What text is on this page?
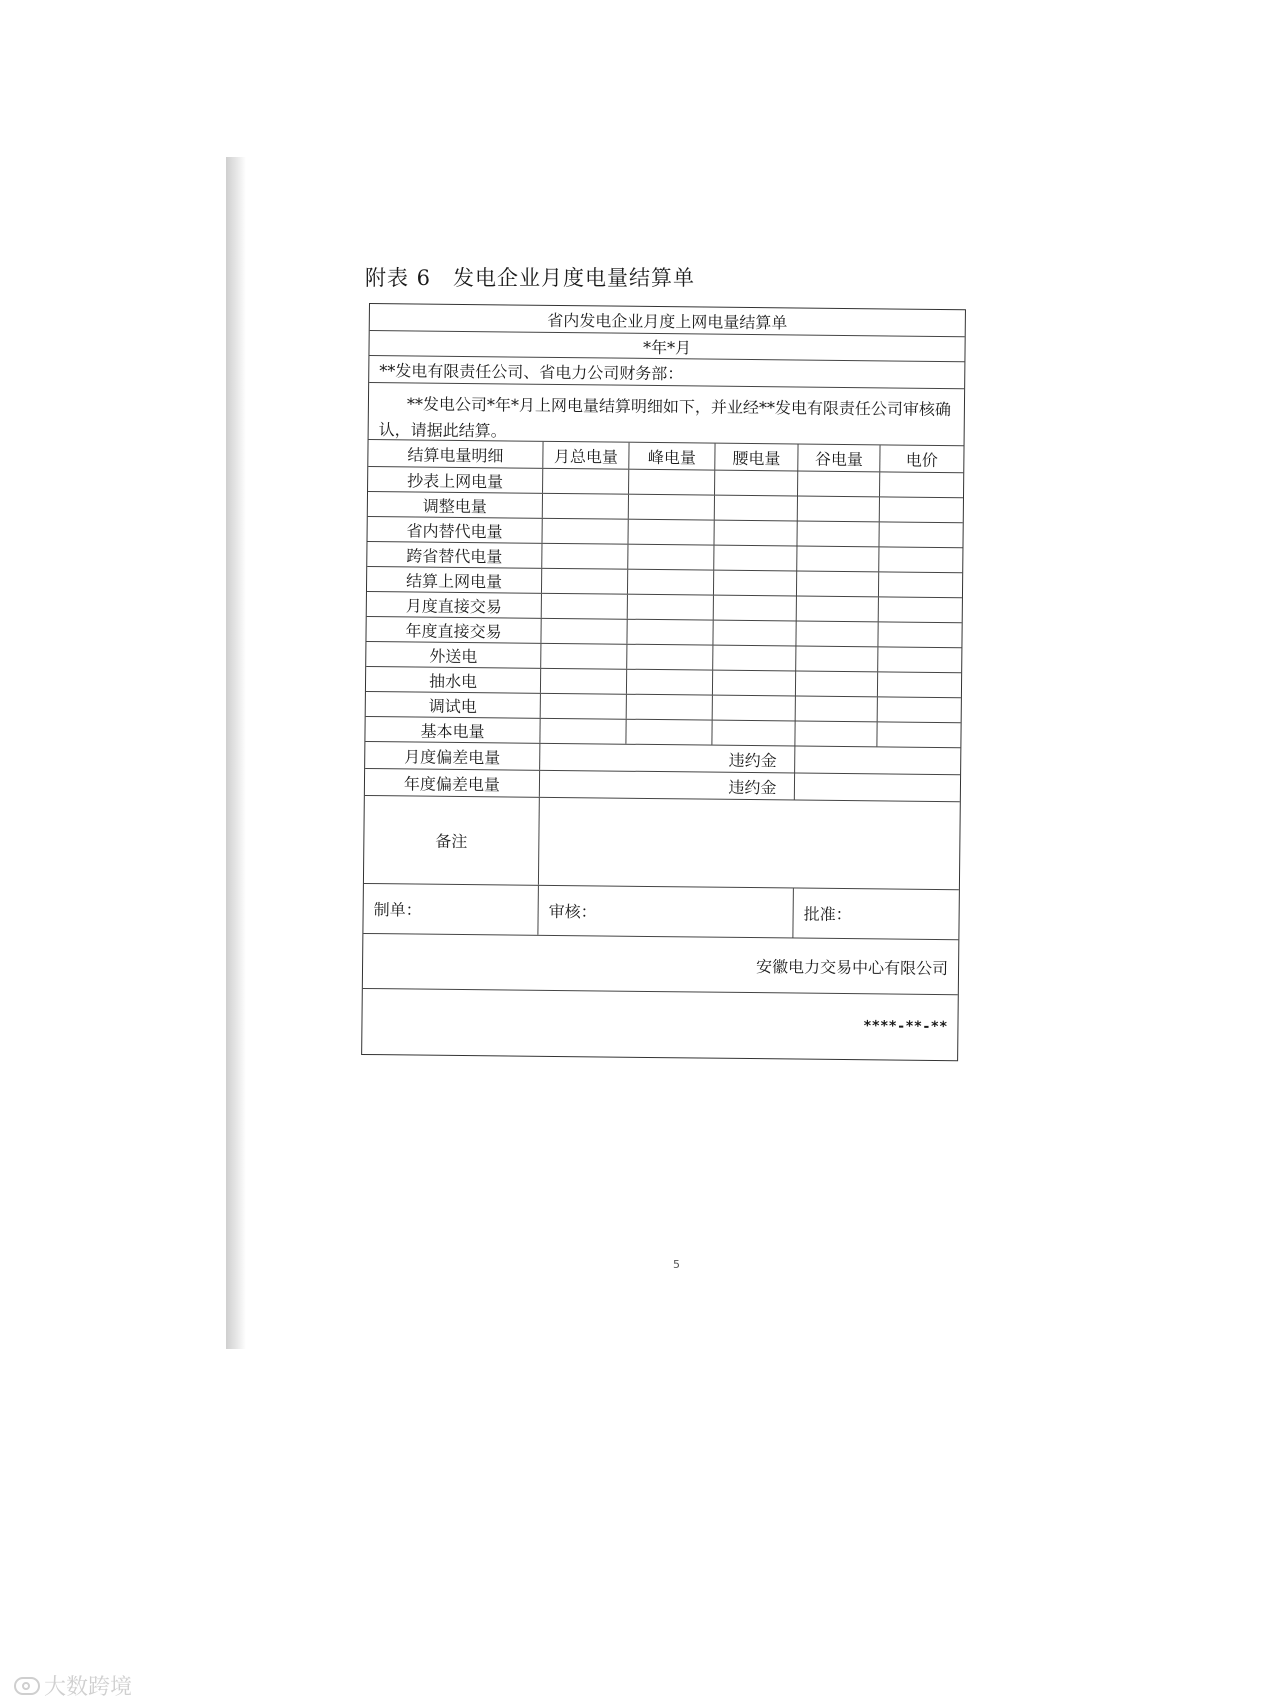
附表 6　发电企业月度电量结算单
省内发电企业月度上网电量结算单
*年*月
**发电有限责任公司、省电力公司财务部：
**发电公司*年*月上网电量结算明细如下，并业经**发电有限责任公司审核确认，请据此结算。
结算电量明细	月总电量	峰电量	腰电量	谷电量	电价
抄表上网电量
调整电量
省内替代电量
跨省替代电量
结算上网电量
月度直接交易
年度直接交易
外送电
抽水电
调试电
基本电量
月度偏差电量	违约金
年度偏差电量	违约金
备注
制单：	审核：	批准：
安徽电力交易中心有限公司
****-**-**
5
大数跨境
